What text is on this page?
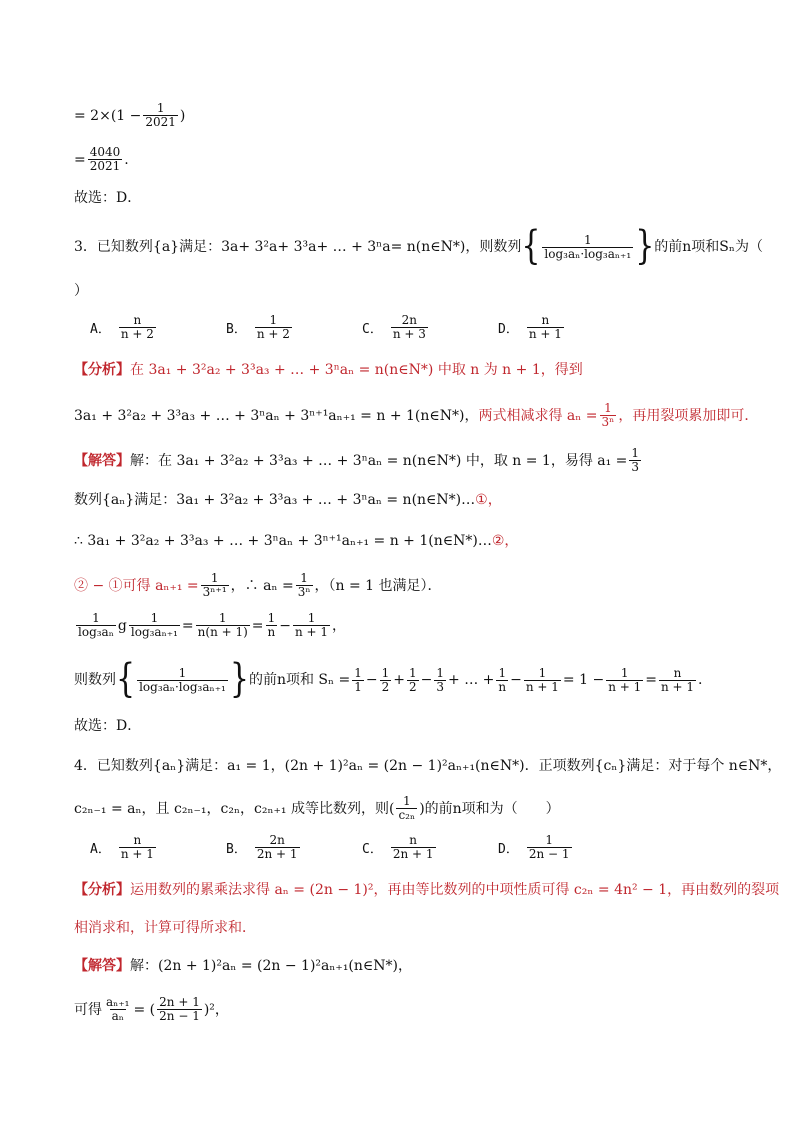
= $2\times(1 - \frac{1}{2021}$ )
= $\frac{4040}{2021}$ .
故选：D．
3．已知数列{a }满足：3a + 3²a + 3³a + … + 3ⁿa = n(n∈N*)，则数列 { $\frac{1}{\text{log₃aₙ·log₃aₙ₊₁}}$ } 的前n项和Sₙ为（
）
A． $\frac{n}{n + 2}$	B． $\frac{1}{n + 2}$	C． $\frac{2n}{n + 3}$	D． $\frac{n}{n + 1}$
【分析】 在 3a₁ + 3²a₂ + 3³a₃ + … + 3ⁿaₙ = n(n∈N*) 中取 n 为 n + 1，得到
3a₁ + 3²a₂ + 3³a₃ + … + 3ⁿaₙ + 3ⁿ⁺¹aₙ₊₁ = n + 1(n∈N*)， 两式相减求得 $a_n = \frac{1}{\text{3ⁿ}}$ ，再用裂项累加即可．
【解答】 解：在 3a₁ + 3²a₂ + 3³a₃ + … + 3ⁿaₙ = n(n∈N*) 中，取 n = 1，易得 $a_1 = \frac{1}{3}$
数列{aₙ}满足：3a₁ + 3²a₂ + 3³a₃ + … + 3ⁿaₙ = n(n∈N*)… ①，
∴ 3a₁ + 3²a₂ + 3³a₃ + … + 3ⁿaₙ + 3ⁿ⁺¹aₙ₊₁ = n + 1(n∈N*)… ②，
② − ①可得 $a_{n+1} = \frac{1}{\text{3ⁿ⁺¹}}$ ，∴ $a_n = \frac{1}{\text{3ⁿ}}$ ，（n = 1 也满足）．
$\frac{1}{\text{log₃aₙ}}$ g $\frac{1}{\text{log₃aₙ₊₁}} = \frac{1}{n(n + 1)} = \frac{1}{n} - \frac{1}{n + 1}$ ，
则数列 { $\frac{1}{\text{log₃aₙ·log₃aₙ₊₁}}$ } 的前n项和 $S_n = \frac{1}{1} - \frac{1}{2} + \frac{1}{2} - \frac{1}{3}$ + … + $\frac{1}{n} - \frac{1}{n + 1} = 1 - \frac{1}{n + 1} = \frac{n}{n + 1}$ .
故选：D．
4．已知数列{aₙ}满足：a₁ = 1，(2n + 1)²aₙ = (2n − 1)²aₙ₊₁(n∈N*)．正项数列{cₙ}满足：对于每个 n∈N*，
c₂ₙ₋₁ = aₙ，且 c₂ₙ₋₁，c₂ₙ，c₂ₙ₊₁ 成等比数列，则( $\frac{1}{\text{c₂ₙ}}$ )的前n项和为（　　）
A． $\frac{n}{n + 1}$	B． $\frac{2n}{2n + 1}$	C． $\frac{n}{2n + 1}$	D． $\frac{1}{2n - 1}$
【分析】 运用数列的累乘法求得 aₙ = (2n − 1)²，再由等比数列的中项性质可得 c₂ₙ = 4n² − 1，再由数列的裂项
相消求和，计算可得所求和．
【解答】 解：(2n + 1)²aₙ = (2n − 1)²aₙ₊₁(n∈N*)，
可得 $\frac{\text{aₙ₊₁}}{\text{aₙ}}$ = ( $\frac{2n + 1}{2n - 1} )^2$，
